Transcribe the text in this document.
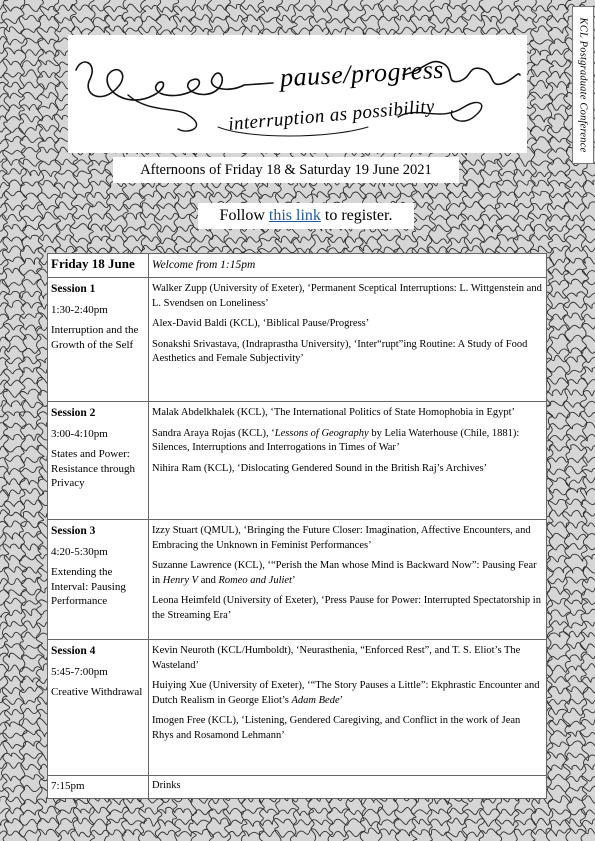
KCL Postgraduate Conference
pause/progress
interruption as possibility
Afternoons of Friday 18 & Saturday 19 June 2021
Follow this link to register.
Friday 18 June	Welcome from 1:15pm

Session 1

1:30-2:40pm

Interruption and the Growth of the Self

Walker Zupp (University of Exeter), ‘Permanent Sceptical Interruptions: L. Wittgenstein and L. Svendsen on Loneliness’

Alex-David Baldi (KCL), ‘Biblical Pause/Progress’

Sonakshi Srivastava, (Indraprastha University), ‘Inter“rupt”ing Routine: A Study of Food Aesthetics and Female Subjectivity’

Session 2

3:00-4:10pm

States and Power: Resistance through Privacy

Malak Abdelkhalek (KCL), ‘The International Politics of State Homophobia in Egypt’

Sandra Araya Rojas (KCL), ‘Lessons of Geography by Lelia Waterhouse (Chile, 1881): Silences, Interruptions and Interrogations in Times of War’

Nihira Ram (KCL), ‘Dislocating Gendered Sound in the British Raj’s Archives’

Session 3

4:20-5:30pm

Extending the Interval: Pausing Performance

Izzy Stuart (QMUL), ‘Bringing the Future Closer: Imagination, Affective Encounters, and Embracing the Unknown in Feminist Performances’

Suzanne Lawrence (KCL), ‘“Perish the Man whose Mind is Backward Now”: Pausing Fear in Henry V and Romeo and Juliet’

Leona Heimfeld (University of Exeter), ‘Press Pause for Power: Interrupted Spectatorship in the Streaming Era’

Session 4

5:45-7:00pm

Creative Withdrawal

Kevin Neuroth (KCL/Humboldt), ‘Neurasthenia, “Enforced Rest”, and T. S. Eliot’s The Wasteland’

Huiying Xue (University of Exeter), ‘“The Story Pauses a Little”: Ekphrastic Encounter and Dutch Realism in George Eliot’s Adam Bede’

Imogen Free (KCL), ‘Listening, Gendered Caregiving, and Conflict in the work of Jean Rhys and Rosamond Lehmann’

7:15pm	Drinks
